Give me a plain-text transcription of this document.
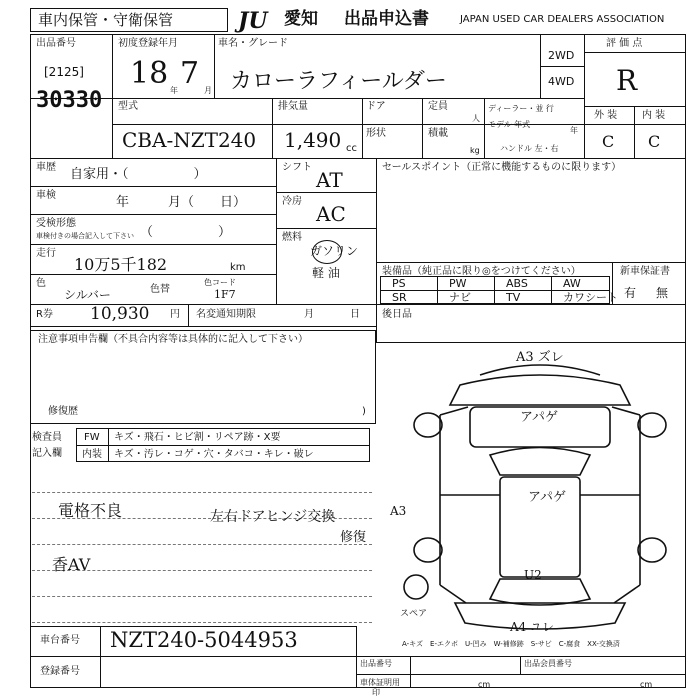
車内保管・守衛保管	JU 愛知 出品申込書	JAPAN USED CAR DEALERS ASSOCIATION
出品番号
[2125]
30330
初度登録年月
18 年 7 月
車名・グレード
カローラフィールダー
2WD
4WD
評 価 点
R
外 装 内 装
C C
型式
CBA-NZT240
排気量
1,490 cc
ドア	定員
人
形状	積載
kg
ディーラー・並 行
モデル 年式
年
ハンドル 左・右
車歴 自家用・（　　　　　）
車検	年　　　月（　　日）
受検形態
車検付きの場合記入して下さい （　　　　　）
走行
10万5千182	km
色
シルバー	色替
色コード
1F7
シフト
AT
冷房
AC
燃料
ガソリン
軽 油
セールスポイント（正常に機能するものに限ります）
装備品（純正品に限り◎をつけてください）	新車保証書
有 無
PS	PW	ABS	AW
SR	ナビ	TV	カワシート
R券 10,930 円 名変通知期限	月	日 後日品
注意事項申告欄（不具合内容等は具体的に記入して下さい）
修復歴	)
検査員
記入欄
FW キズ・飛石・ヒビ割・リペア跡・X要
内装 キズ・汚レ・コゲ・穴・タバコ・キレ・破レ
電格不良	左右ドアヒンジ交換
修復
香AV
A3 ズレ
アパゲ
アパゲ
A3
U2
A4 ユレ
スペア
A-キズ　E-エクボ　U-凹み　W-補修跡　S-サビ　C-腐食　XX-交換済
車台番号 NZT240-5044953
登録番号
出品番号	出品会員番号
車体証明用
印
cm	cm
